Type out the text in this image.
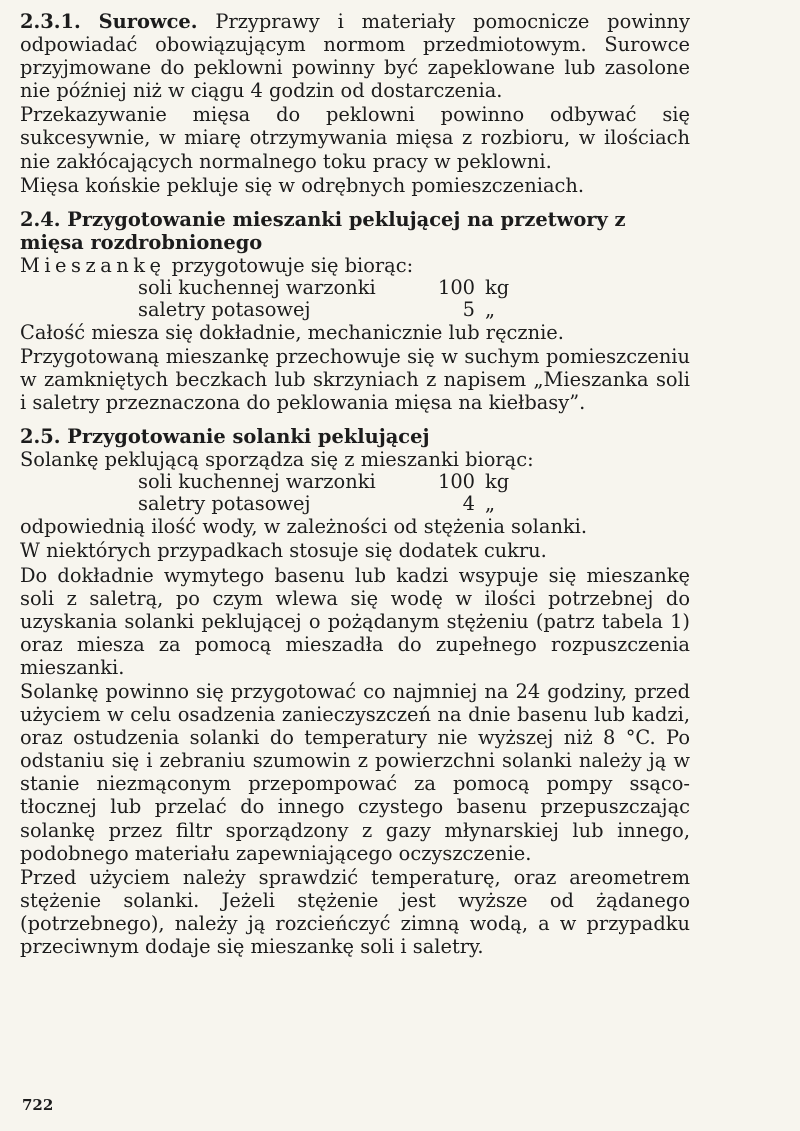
2.3.1. Surowce. Przyprawy i materiały pomocnicze powinny odpowiadać obowiązującym normom przedmiotowym. Surowce przyjmowane do peklowni powinny być zapeklowane lub zasolone nie później niż w ciągu 4 godzin od dostarczenia.

Przekazywanie mięsa do peklowni powinno odbywać się sukcesywnie, w miarę otrzymywania mięsa z rozbioru, w ilościach nie zakłócających normalnego toku pracy w peklowni.

Mięsa końskie pekluje się w odrębnych pomieszczeniach.

2.4. Przygotowanie mieszanki peklującej na przetwory z mięsa rozdrobnionego

Mieszankę przygotowuje się biorąc:

soli kuchennej warzonki	100	kg
saletry potasowej	5	„

Całość miesza się dokładnie, mechanicznie lub ręcznie.

Przygotowaną mieszankę przechowuje się w suchym pomieszczeniu w zamkniętych beczkach lub skrzyniach z napisem „Mieszanka soli i saletry przeznaczona do peklowania mięsa na kiełbasy”.

2.5. Przygotowanie solanki peklującej

Solankę peklującą sporządza się z mieszanki biorąc:

soli kuchennej warzonki	100	kg
saletry potasowej	4	„

odpowiednią ilość wody, w zależności od stężenia solanki.

W niektórych przypadkach stosuje się dodatek cukru.

Do dokładnie wymytego basenu lub kadzi wsypuje się mieszankę soli z saletrą, po czym wlewa się wodę w ilości potrzebnej do uzyskania solanki peklującej o pożądanym stężeniu (patrz tabela 1) oraz miesza za pomocą mieszadła do zupełnego rozpuszczenia mieszanki.

Solankę powinno się przygotować co najmniej na 24 godziny, przed użyciem w celu osadzenia zanieczyszczeń na dnie basenu lub kadzi, oraz ostudzenia solanki do temperatury nie wyższej niż 8 °C. Po odstaniu się i zebraniu szumowin z powierzchni solanki należy ją w stanie niezmąconym przepompować za pomocą pompy ssąco-tłocznej lub przelać do innego czystego basenu przepuszczając solankę przez filtr sporządzony z gazy młynarskiej lub innego, podobnego materiału zapewniającego oczyszczenie.

Przed użyciem należy sprawdzić temperaturę, oraz areometrem stężenie solanki. Jeżeli stężenie jest wyższe od żądanego (potrzebnego), należy ją rozcieńczyć zimną wodą, a w przypadku przeciwnym dodaje się mieszankę soli i saletry.

722
